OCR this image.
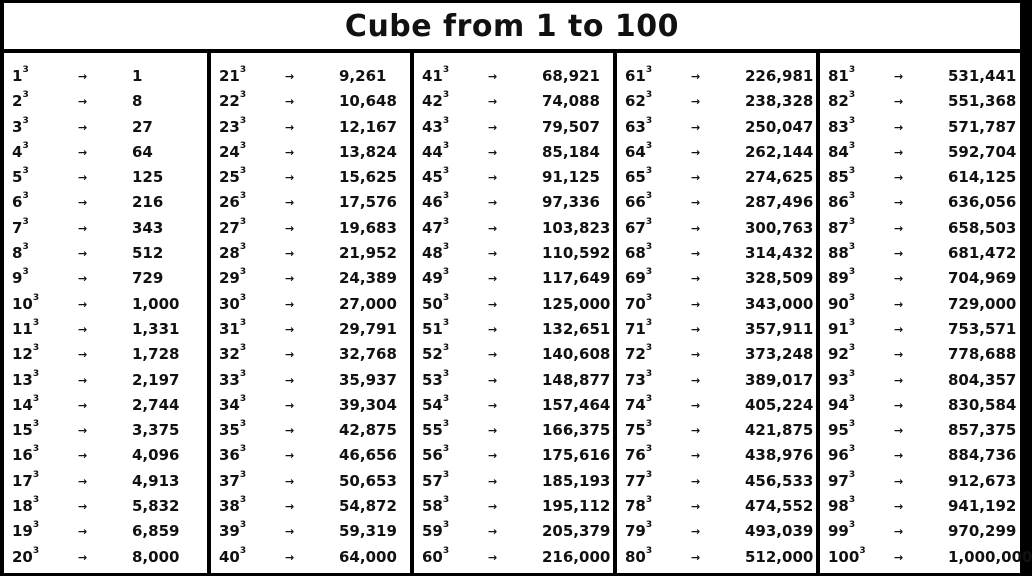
Cube from 1 to 100
$1^3$	→	1
$2^3$	→	8
$3^3$	→	27
$4^3$	→	64
$5^3$	→	125
$6^3$	→	216
$7^3$	→	343
$8^3$	→	512
$9^3$	→	729
$10^3$	→	1,000
$11^3$	→	1,331
$12^3$	→	1,728
$13^3$	→	2,197
$14^3$	→	2,744
$15^3$	→	3,375
$16^3$	→	4,096
$17^3$	→	4,913
$18^3$	→	5,832
$19^3$	→	6,859
$20^3$	→	8,000
$21^3$	→	9,261
$22^3$	→	10,648
$23^3$	→	12,167
$24^3$	→	13,824
$25^3$	→	15,625
$26^3$	→	17,576
$27^3$	→	19,683
$28^3$	→	21,952
$29^3$	→	24,389
$30^3$	→	27,000
$31^3$	→	29,791
$32^3$	→	32,768
$33^3$	→	35,937
$34^3$	→	39,304
$35^3$	→	42,875
$36^3$	→	46,656
$37^3$	→	50,653
$38^3$	→	54,872
$39^3$	→	59,319
$40^3$	→	64,000
$41^3$	→	68,921
$42^3$	→	74,088
$43^3$	→	79,507
$44^3$	→	85,184
$45^3$	→	91,125
$46^3$	→	97,336
$47^3$	→	103,823
$48^3$	→	110,592
$49^3$	→	117,649
$50^3$	→	125,000
$51^3$	→	132,651
$52^3$	→	140,608
$53^3$	→	148,877
$54^3$	→	157,464
$55^3$	→	166,375
$56^3$	→	175,616
$57^3$	→	185,193
$58^3$	→	195,112
$59^3$	→	205,379
$60^3$	→	216,000
$61^3$	→	226,981
$62^3$	→	238,328
$63^3$	→	250,047
$64^3$	→	262,144
$65^3$	→	274,625
$66^3$	→	287,496
$67^3$	→	300,763
$68^3$	→	314,432
$69^3$	→	328,509
$70^3$	→	343,000
$71^3$	→	357,911
$72^3$	→	373,248
$73^3$	→	389,017
$74^3$	→	405,224
$75^3$	→	421,875
$76^3$	→	438,976
$77^3$	→	456,533
$78^3$	→	474,552
$79^3$	→	493,039
$80^3$	→	512,000
$81^3$	→	531,441
$82^3$	→	551,368
$83^3$	→	571,787
$84^3$	→	592,704
$85^3$	→	614,125
$86^3$	→	636,056
$87^3$	→	658,503
$88^3$	→	681,472
$89^3$	→	704,969
$90^3$	→	729,000
$91^3$	→	753,571
$92^3$	→	778,688
$93^3$	→	804,357
$94^3$	→	830,584
$95^3$	→	857,375
$96^3$	→	884,736
$97^3$	→	912,673
$98^3$	→	941,192
$99^3$	→	970,299
$100^3$	→	1,000,000
